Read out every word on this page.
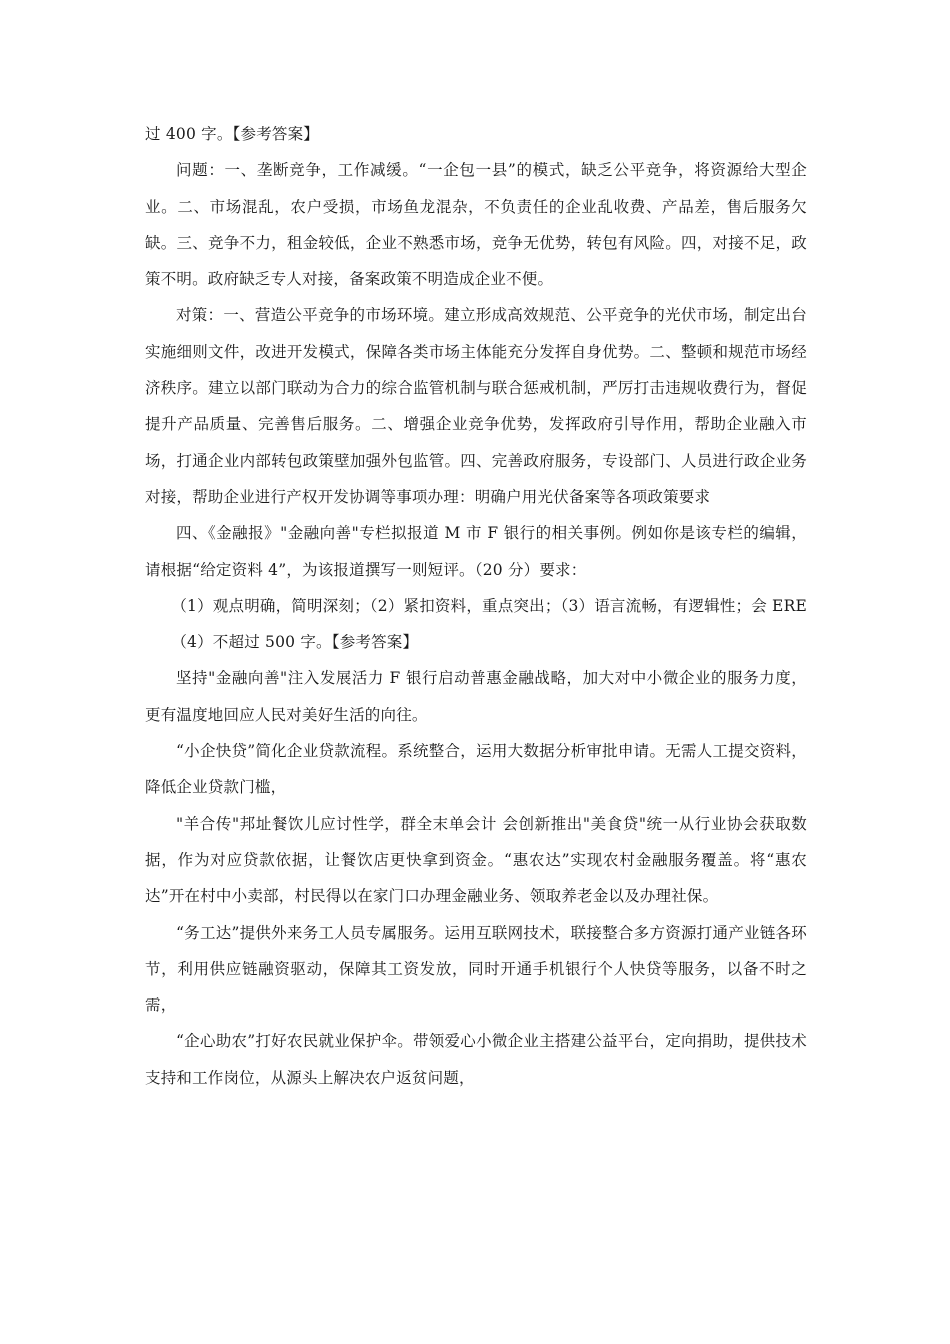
过 400 字。【参考答案】

问题：一、垄断竞争，工作减缓。“一企包一县”的模式，缺乏公平竞争，将资源给大型企业。二、市场混乱，农户受损，市场鱼龙混杂，不负责任的企业乱收费、产品差，售后服务欠缺。三、竞争不力，租金较低，企业不熟悉市场，竞争无优势，转包有风险。四，对接不足，政策不明。政府缺乏专人对接，备案政策不明造成企业不便。

对策：一、营造公平竞争的市场环境。建立形成高效规范、公平竞争的光伏市场，制定出台实施细则文件，改进开发模式，保障各类市场主体能充分发挥自身优势。二、整顿和规范市场经济秩序。建立以部门联动为合力的综合监管机制与联合惩戒机制，严厉打击违规收费行为，督促提升产品质量、完善售后服务。二、增强企业竞争优势，发挥政府引导作用，帮助企业融入市场，打通企业内部转包政策壁加强外包监管。四、完善政府服务，专设部门、人员进行政企业务对接，帮助企业进行产权开发协调等事项办理：明确户用光伏备案等各项政策要求

四、《金融报》"金融向善"专栏拟报道 M 市 F 银行的相关事例。例如你是该专栏的编辑，请根据“给定资料 4”，为该报道撰写一则短评。（20 分）要求：

（1）观点明确，简明深刻；（2）紧扣资料，重点突出；（3）语言流畅，有逻辑性；会 ERE

（4）不超过 500 字。【参考答案】

坚持"金融向善"注入发展活力 F 银行启动普惠金融战略，加大对中小微企业的服务力度，更有温度地回应人民对美好生活的向往。

“小企快贷”简化企业贷款流程。系统整合，运用大数据分析审批申请。无需人工提交资料，降低企业贷款门槛，

"羊合传"邦址餐饮儿应讨性学，群全末单会计 会创新推出"美食贷"统一从行业协会获取数据，作为对应贷款依据，让餐饮店更快拿到资金。“惠农达”实现农村金融服务覆盖。将“惠农达”开在村中小卖部，村民得以在家门口办理金融业务、领取养老金以及办理社保。

“务工达”提供外来务工人员专属服务。运用互联网技术，联接整合多方资源打通产业链各环节，利用供应链融资驱动，保障其工资发放，同时开通手机银行个人快贷等服务，以备不时之需，

“企心助农”打好农民就业保护伞。带领爱心小微企业主搭建公益平台，定向捐助，提供技术支持和工作岗位，从源头上解决农户返贫问题，
